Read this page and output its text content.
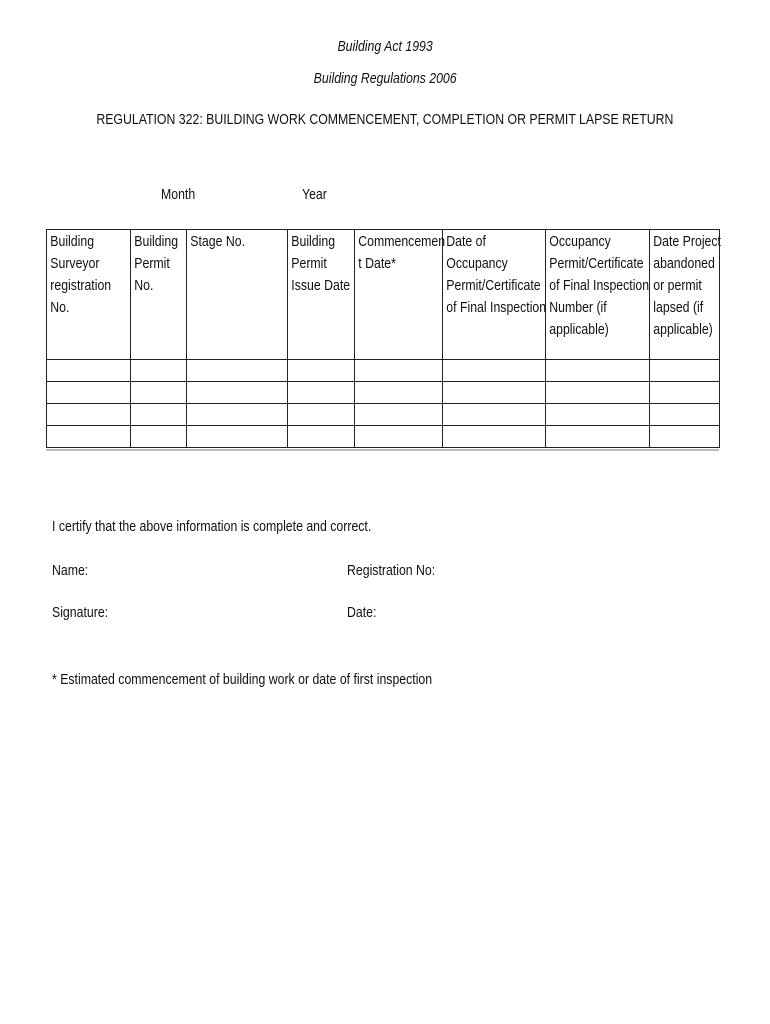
Building Act 1993
Building Regulations 2006
REGULATION 322: BUILDING WORK COMMENCEMENT, COMPLETION OR PERMIT LAPSE RETURN
Month	Year
Building Surveyor registration No.	Building Permit No.	Stage No.	Building Permit Issue Date	Commencement Date*	Date of Occupancy Permit/Certificate of Final Inspection	Occupancy Permit/Certificate of Final Inspection Number (if applicable)	Date Project abandoned or permit lapsed (if applicable)

I certify that the above information is complete and correct.
Name:	Registration No:
Signature:	Date:
* Estimated commencement of building work or date of first inspection
